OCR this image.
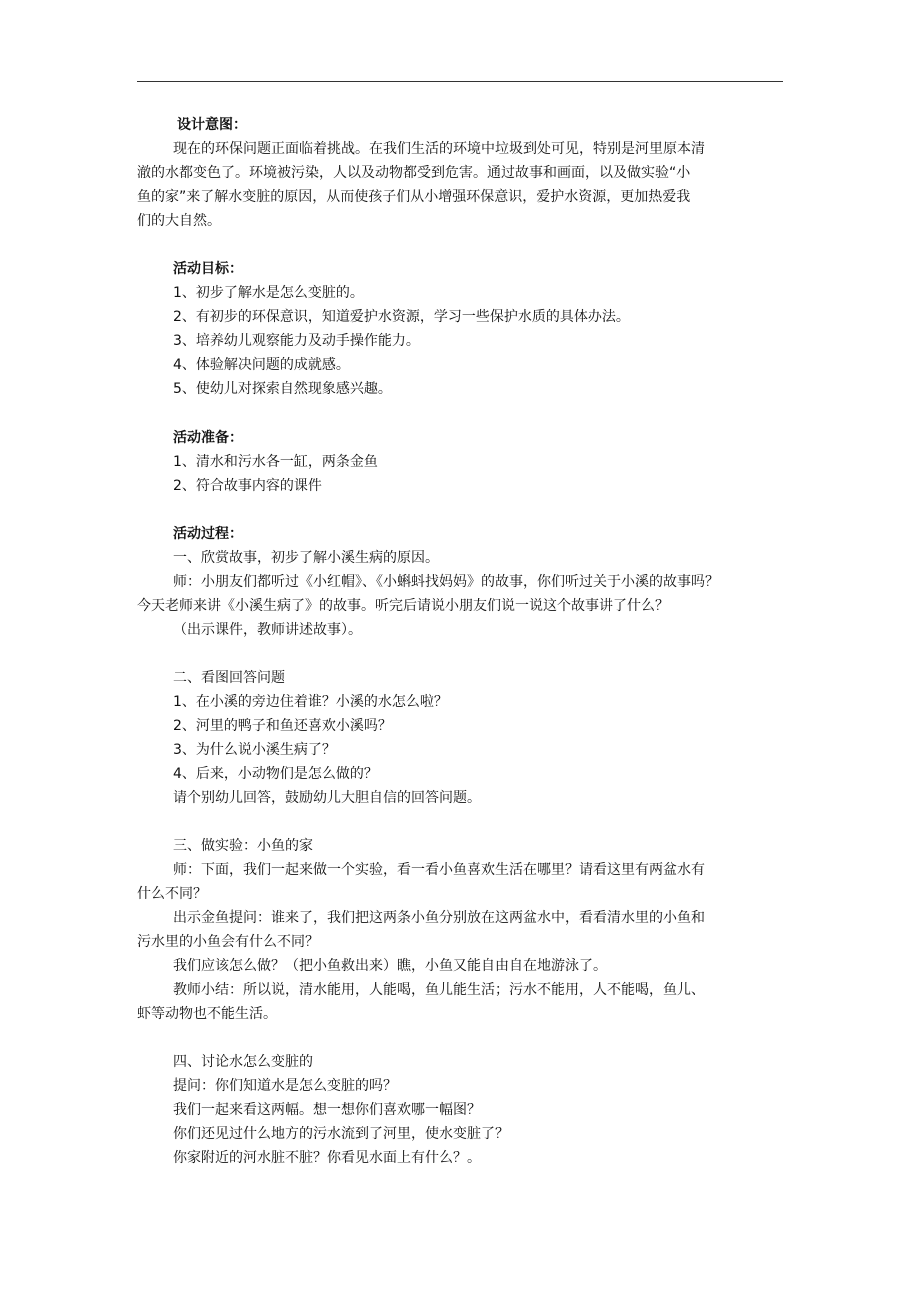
设计意图：
现在的环保问题正面临着挑战。在我们生活的环境中垃圾到处可见，特别是河里原本清
澈的水都变色了。环境被污染，人以及动物都受到危害。通过故事和画面，以及做实验“小
鱼的家”来了解水变脏的原因，从而使孩子们从小增强环保意识，爱护水资源，更加热爱我
们的大自然。
活动目标：
1、初步了解水是怎么变脏的。
2、有初步的环保意识，知道爱护水资源，学习一些保护水质的具体办法。
3、培养幼儿观察能力及动手操作能力。
4、体验解决问题的成就感。
5、使幼儿对探索自然现象感兴趣。
活动准备：
1、清水和污水各一缸，两条金鱼
2、符合故事内容的课件
活动过程：
一、欣赏故事，初步了解小溪生病的原因。
师：小朋友们都听过《小红帽》、《小蝌蚪找妈妈》的故事，你们听过关于小溪的故事吗？
今天老师来讲《小溪生病了》的故事。听完后请说小朋友们说一说这个故事讲了什么？
（出示课件，教师讲述故事）。
二、看图回答问题
1、在小溪的旁边住着谁？小溪的水怎么啦？
2、河里的鸭子和鱼还喜欢小溪吗？
3、为什么说小溪生病了？
4、后来，小动物们是怎么做的？
请个别幼儿回答，鼓励幼儿大胆自信的回答问题。
三、做实验：小鱼的家
师：下面，我们一起来做一个实验，看一看小鱼喜欢生活在哪里？请看这里有两盆水有
什么不同？
出示金鱼提问：谁来了，我们把这两条小鱼分别放在这两盆水中，看看清水里的小鱼和
污水里的小鱼会有什么不同？
我们应该怎么做？（把小鱼救出来）瞧，小鱼又能自由自在地游泳了。
教师小结：所以说，清水能用，人能喝，鱼儿能生活；污水不能用，人不能喝，鱼儿、
虾等动物也不能生活。
四、讨论水怎么变脏的
提问：你们知道水是怎么变脏的吗？
我们一起来看这两幅。想一想你们喜欢哪一幅图？
你们还见过什么地方的污水流到了河里，使水变脏了？
你家附近的河水脏不脏？你看见水面上有什么？。
